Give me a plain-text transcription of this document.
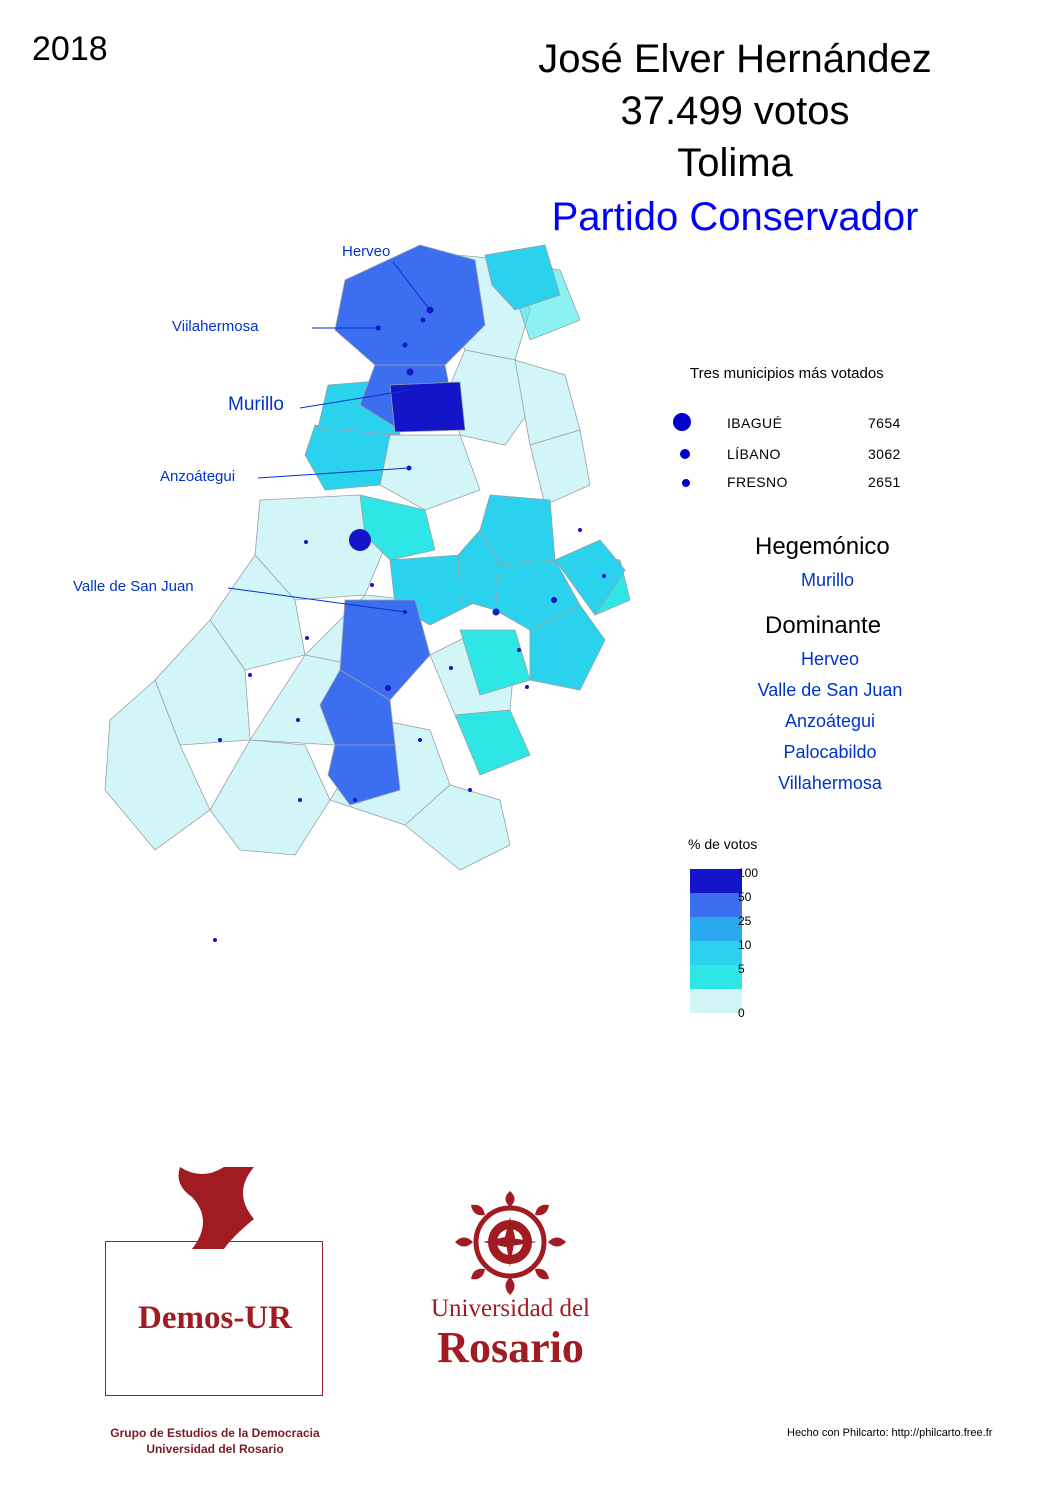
2018	José Elver Hernández
37.499 votos
Tolima
Partido Conservador
Herveo
Viilahermosa
Murillo
Anzoátegui
Valle de San Juan
Tres municipios más votados
IBAGUÉ	7654
LÍBANO	3062
FRESNO	2651
Hegemónico
Murillo
Dominante
Herveo
Valle de San Juan
Anzoátegui
Palocabildo
Villahermosa
% de votos
100
50
25
10
5
0
Demos-UR
Grupo de Estudios de la Democracia
Universidad del Rosario
Universidad del
Rosario
Hecho con Philcarto: http://philcarto.free.fr
